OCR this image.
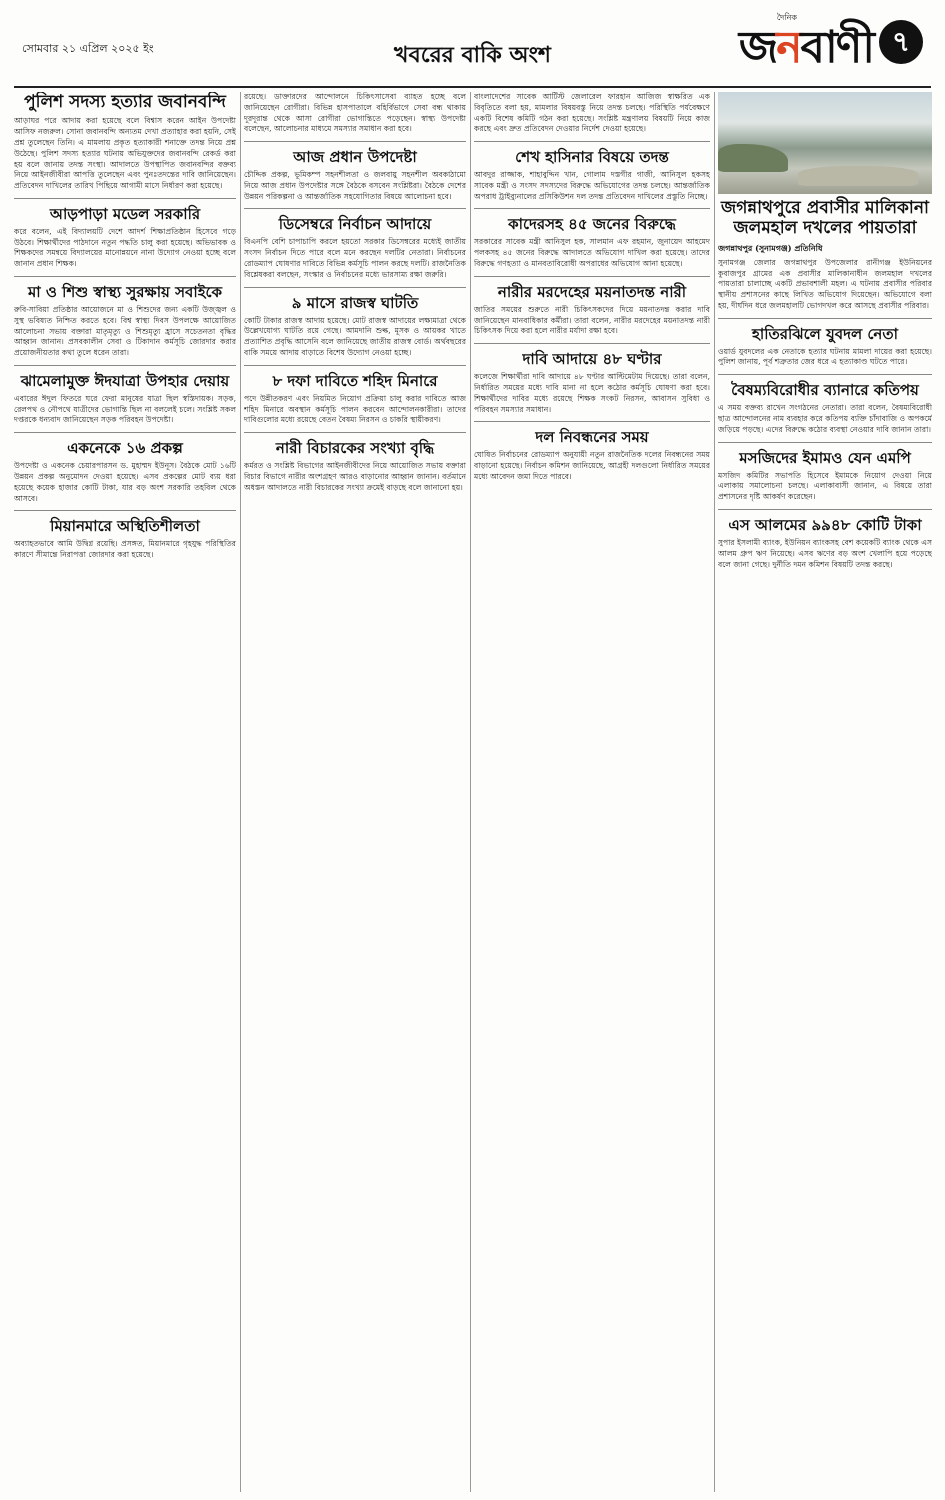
সোমবার ২১ এপ্রিল ২০২৫ ইং	খবরের বাকি অংশ
দৈনিক
জনবাণী ৭
পুলিশ সদস্য হত্যার জবানবন্দি

আড়াঘর পরে আদায় করা হয়েছে বলে বিশ্বাস করেন আইন উপদেষ্টা আসিফ নজরুল। সোনা জবানবন্দি অন্যতম দেখা প্রত্যাহার করা হয়নি, সেই প্রশ্ন তুলেছেন তিনি। এ মামলায় প্রকৃত হত্যাকারী শনাক্তে তদন্ত নিয়ে প্রশ্ন উঠেছে। পুলিশ সদস্য হত্যার ঘটনায় অভিযুক্তদের জবানবন্দি রেকর্ড করা হয় বলে জানায় তদন্ত সংস্থা। আদালতে উপস্থাপিত জবানবন্দির বক্তব্য নিয়ে আইনজীবীরা আপত্তি তুলেছেন এবং পুনঃতদন্তের দাবি জানিয়েছেন। প্রতিবেদন দাখিলের তারিখ পিছিয়ে আগামী মাসে নির্ধারণ করা হয়েছে।

আড়পাড়া মডেল সরকারি

করে বলেন, এই বিদ্যালয়টি দেশে আদর্শ শিক্ষাপ্রতিষ্ঠান হিসেবে গড়ে উঠবে। শিক্ষার্থীদের পাঠদানে নতুন পদ্ধতি চালু করা হয়েছে। অভিভাবক ও শিক্ষকদের সমন্বয়ে বিদ্যালয়ের মানোন্নয়নে নানা উদ্যোগ নেওয়া হচ্ছে বলে জানান প্রধান শিক্ষক।

মা ও শিশু স্বাস্থ্য সুরক্ষায় সবাইকে

রুবি-সাবিয়া প্রতিষ্ঠার আয়োজনে মা ও শিশুদের জন্য একটি উজ্জ্বল ও সুস্থ ভবিষ্যত নিশ্চিত করতে হবে। বিশ্ব স্বাস্থ্য দিবস উপলক্ষে আয়োজিত আলোচনা সভায় বক্তারা মাতৃমৃত্যু ও শিশুমৃত্যু হ্রাসে সচেতনতা বৃদ্ধির আহ্বান জানান। প্রসবকালীন সেবা ও টিকাদান কর্মসূচি জোরদার করার প্রয়োজনীয়তার কথা তুলে ধরেন তারা।

ঝামেলামুক্ত ঈদযাত্রা উপহার দেয়ায়

এবারের ঈদুল ফিতরে ঘরে ফেরা মানুষের যাত্রা ছিল স্বস্তিদায়ক। সড়ক, রেলপথ ও নৌপথে যাত্রীদের ভোগান্তি ছিল না বললেই চলে। সংশ্লিষ্ট সকল দপ্তরকে ধন্যবাদ জানিয়েছেন সড়ক পরিবহন উপদেষ্টা।

একনেকে ১৬ প্রকল্প

উপদেষ্টা ও একনেক চেয়ারপারসন ড. মুহাম্মদ ইউনূস। বৈঠকে মোট ১৬টি উন্নয়ন প্রকল্প অনুমোদন দেওয়া হয়েছে। এসব প্রকল্পের মোট ব্যয় ধরা হয়েছে কয়েক হাজার কোটি টাকা, যার বড় অংশ সরকারি তহবিল থেকে আসবে।

মিয়ানমারে অস্থিতিশীলতা

অব্যাহতভাবে আমি উদ্বিগ্ন রয়েছি। প্রসঙ্গত, মিয়ানমারে গৃহযুদ্ধ পরিস্থিতির কারণে সীমান্তে নিরাপত্তা জোরদার করা হয়েছে।

রয়েছে। ডাক্তারদের আন্দোলনে চিকিৎসাসেবা ব্যাহত হচ্ছে বলে জানিয়েছেন রোগীরা। বিভিন্ন হাসপাতালে বহির্বিভাগে সেবা বন্ধ থাকায় দূরদূরান্ত থেকে আসা রোগীরা ভোগান্তিতে পড়েছেন। স্বাস্থ্য উপদেষ্টা বলেছেন, আলোচনার মাধ্যমে সমস্যার সমাধান করা হবে।

আজ প্রধান উপদেষ্টা

চৌদ্দিক প্রকল্প, ভূমিকম্প সহনশীলতা ও জলবায়ু সহনশীল অবকাঠামো নিয়ে আজ প্রধান উপদেষ্টার সঙ্গে বৈঠকে বসবেন সংশ্লিষ্টরা। বৈঠকে দেশের উন্নয়ন পরিকল্পনা ও আন্তর্জাতিক সহযোগিতার বিষয়ে আলোচনা হবে।

ডিসেম্বরে নির্বাচন আদায়ে

বিএনপি বেশি চাপাচাপি করলে হয়তো সরকার ডিসেম্বরের মধ্যেই জাতীয় সংসদ নির্বাচন দিতে পারে বলে মনে করছেন দলটির নেতারা। নির্বাচনের রোডম্যাপ ঘোষণার দাবিতে বিভিন্ন কর্মসূচি পালন করছে দলটি। রাজনৈতিক বিশ্লেষকরা বলছেন, সংস্কার ও নির্বাচনের মধ্যে ভারসাম্য রক্ষা জরুরি।

৯ মাসে রাজস্ব ঘাটতি

কোটি টাকার রাজস্ব আদায় হয়েছে। মোট রাজস্ব আদায়ের লক্ষ্যমাত্রা থেকে উল্লেখযোগ্য ঘাটতি রয়ে গেছে। আমদানি শুল্ক, মূসক ও আয়কর খাতে প্রত্যাশিত প্রবৃদ্ধি আসেনি বলে জানিয়েছে জাতীয় রাজস্ব বোর্ড। অর্থবছরের বাকি সময়ে আদায় বাড়াতে বিশেষ উদ্যোগ নেওয়া হচ্ছে।

৮ দফা দাবিতে শহিদ মিনারে

পদে উন্নীতকরণ এবং নিয়মিত নিয়োগ প্রক্রিয়া চালু করার দাবিতে আজ শহিদ মিনারে অবস্থান কর্মসূচি পালন করবেন আন্দোলনকারীরা। তাদের দাবিগুলোর মধ্যে রয়েছে বেতন বৈষম্য নিরসন ও চাকরি স্থায়ীকরণ।

নারী বিচারকের সংখ্যা বৃদ্ধি

কর্মরত ও সংশ্লিষ্ট বিভাগের আইনজীবীদের নিয়ে আয়োজিত সভায় বক্তারা বিচার বিভাগে নারীর অংশগ্রহণ আরও বাড়ানোর আহ্বান জানান। বর্তমানে অধস্তন আদালতে নারী বিচারকের সংখ্যা ক্রমেই বাড়ছে বলে জানানো হয়।

বাংলাদেশের সাবেক আর্টিস্ট জেলারেল ফারহান আজিজ স্বাক্ষরিত এক বিবৃতিতে বলা হয়, মামলার বিষয়বস্তু নিয়ে তদন্ত চলছে। পরিস্থিতি পর্যবেক্ষণে একটি বিশেষ কমিটি গঠন করা হয়েছে। সংশ্লিষ্ট মন্ত্রণালয় বিষয়টি নিয়ে কাজ করছে এবং দ্রুত প্রতিবেদন দেওয়ার নির্দেশ দেওয়া হয়েছে।

শেখ হাসিনার বিষয়ে তদন্ত

আবদুর রাজ্জাক, শাহাবুদ্দিন খান, গোলাম দস্তগীর গাজী, আনিসুল হকসহ সাবেক মন্ত্রী ও সংসদ সদস্যদের বিরুদ্ধে অভিযোগের তদন্ত চলছে। আন্তর্জাতিক অপরাধ ট্রাইব্যুনালের প্রসিকিউশন দল তদন্ত প্রতিবেদন দাখিলের প্রস্তুতি নিচ্ছে।

কাদেরসহ ৪৫ জনের বিরুদ্ধে

সরকারের সাবেক মন্ত্রী আনিসুল হক, সালমান এফ রহমান, জুনায়েদ আহমেদ পলকসহ ৪৫ জনের বিরুদ্ধে আদালতে অভিযোগ দাখিল করা হয়েছে। তাদের বিরুদ্ধে গণহত্যা ও মানবতাবিরোধী অপরাধের অভিযোগ আনা হয়েছে।

নারীর মরদেহের ময়নাতদন্ত নারী

জাতির সময়ের শুরুতে নারী চিকিৎসকদের দিয়ে ময়নাতদন্ত করার দাবি জানিয়েছেন মানবাধিকার কর্মীরা। তারা বলেন, নারীর মরদেহের ময়নাতদন্ত নারী চিকিৎসক দিয়ে করা হলে নারীর মর্যাদা রক্ষা হবে।

দাবি আদায়ে ৪৮ ঘণ্টার

কলেজে শিক্ষার্থীরা দাবি আদায়ে ৪৮ ঘণ্টার আল্টিমেটাম দিয়েছে। তারা বলেন, নির্ধারিত সময়ের মধ্যে দাবি মানা না হলে কঠোর কর্মসূচি ঘোষণা করা হবে। শিক্ষার্থীদের দাবির মধ্যে রয়েছে শিক্ষক সংকট নিরসন, আবাসন সুবিধা ও পরিবহন সমস্যার সমাধান।

দল নিবন্ধনের সময়

ঘোষিত নির্বাচনের রোডম্যাপ অনুযায়ী নতুন রাজনৈতিক দলের নিবন্ধনের সময় বাড়ানো হয়েছে। নির্বাচন কমিশন জানিয়েছে, আগ্রহী দলগুলো নির্ধারিত সময়ের মধ্যে আবেদন জমা দিতে পারবে।

জগন্নাথপুরে প্রবাসীর মালিকানা জলমহাল দখলের পায়তারা
জগন্নাথপুর (সুনামগঞ্জ) প্রতিনিধি

সুনামগঞ্জ জেলার জগন্নাথপুর উপজেলার রানীগঞ্জ ইউনিয়নের কুবাজপুর গ্রামের এক প্রবাসীর মালিকানাধীন জলমহাল দখলের পায়তারা চালাচ্ছে একটি প্রভাবশালী মহল। এ ঘটনায় প্রবাসীর পরিবার স্থানীয় প্রশাসনের কাছে লিখিত অভিযোগ দিয়েছেন। অভিযোগে বলা হয়, দীর্ঘদিন ধরে জলমহালটি ভোগদখল করে আসছে প্রবাসীর পরিবার।

হাতিরঝিলে যুবদল নেতা

ওয়ার্ড যুবদলের এক নেতাকে হত্যার ঘটনায় মামলা দায়ের করা হয়েছে। পুলিশ জানায়, পূর্ব শত্রুতার জের ধরে এ হত্যাকাণ্ড ঘটতে পারে।

বৈষম্যবিরোধীর ব্যানারে কতিপয়

এ সময় বক্তব্য রাখেন সংগঠনের নেতারা। তারা বলেন, বৈষম্যবিরোধী ছাত্র আন্দোলনের নাম ব্যবহার করে কতিপয় ব্যক্তি চাঁদাবাজি ও অপকর্মে জড়িয়ে পড়ছে। এদের বিরুদ্ধে কঠোর ব্যবস্থা নেওয়ার দাবি জানান তারা।

মসজিদের ইমামও যেন এমপি

মসজিদ কমিটির সভাপতি হিসেবে ইমামকে নিয়োগ দেওয়া নিয়ে এলাকায় সমালোচনা চলছে। এলাকাবাসী জানান, এ বিষয়ে তারা প্রশাসনের দৃষ্টি আকর্ষণ করেছেন।

এস আলমের ৯৯৪৮ কোটি টাকা

সুপার ইসলামী ব্যাংক, ইউনিয়ন ব্যাংকসহ বেশ কয়েকটি ব্যাংক থেকে এস আলম গ্রুপ ঋণ নিয়েছে। এসব ঋণের বড় অংশ খেলাপি হয়ে পড়েছে বলে জানা গেছে। দুর্নীতি দমন কমিশন বিষয়টি তদন্ত করছে।
